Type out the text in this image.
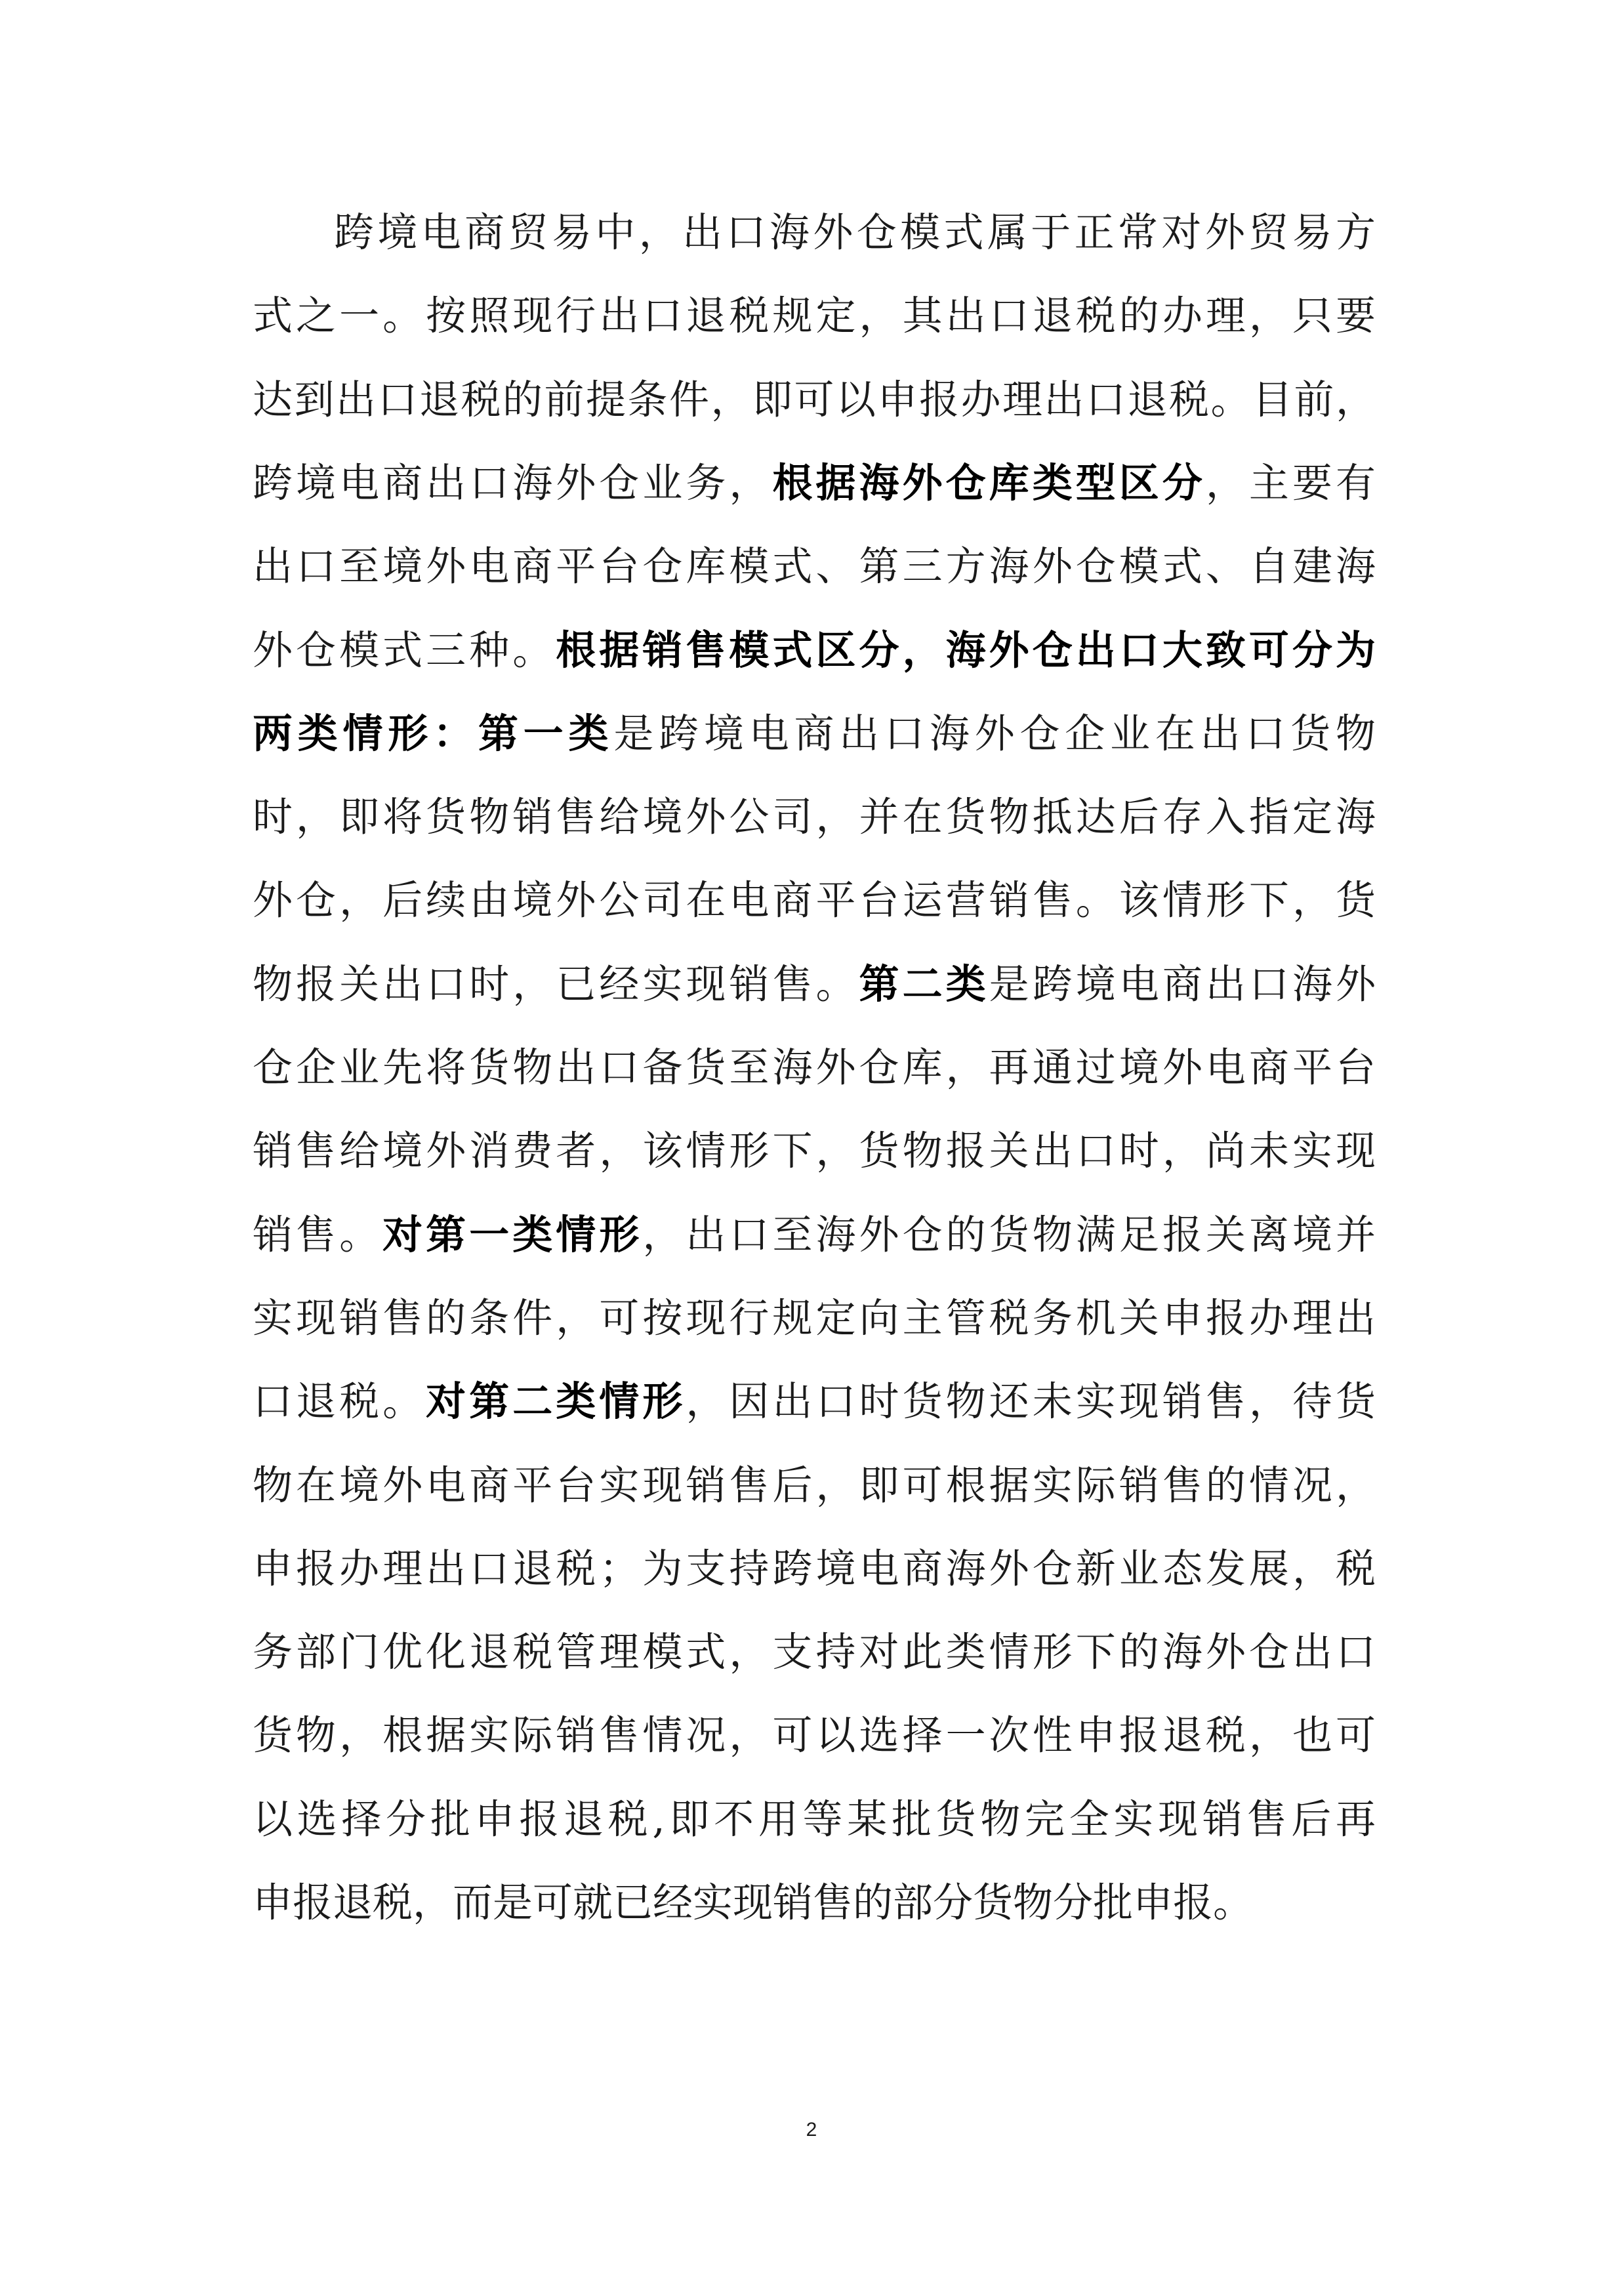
跨境电商贸易中，出口海外仓模式属于正常对外贸易方
式之一。按照现行出口退税规定，其出口退税的办理，只要
达到出口退税的前提条件，即可以申报办理出口退税。目前，
跨境电商出口海外仓业务，根据海外仓库类型区分，主要有
出口至境外电商平台仓库模式、第三方海外仓模式、自建海
外仓模式三种。根据销售模式区分，海外仓出口大致可分为
两类情形：第一类是跨境电商出口海外仓企业在出口货物
时，即将货物销售给境外公司，并在货物抵达后存入指定海
外仓，后续由境外公司在电商平台运营销售。该情形下，货
物报关出口时，已经实现销售。第二类是跨境电商出口海外
仓企业先将货物出口备货至海外仓库，再通过境外电商平台
销售给境外消费者，该情形下，货物报关出口时，尚未实现
销售。对第一类情形，出口至海外仓的货物满足报关离境并
实现销售的条件，可按现行规定向主管税务机关申报办理出
口退税。对第二类情形，因出口时货物还未实现销售，待货
物在境外电商平台实现销售后，即可根据实际销售的情况，
申报办理出口退税；为支持跨境电商海外仓新业态发展，税
务部门优化退税管理模式，支持对此类情形下的海外仓出口
货物，根据实际销售情况，可以选择一次性申报退税，也可
以选择分批申报退税,即不用等某批货物完全实现销售后再
申报退税，而是可就已经实现销售的部分货物分批申报。
2
